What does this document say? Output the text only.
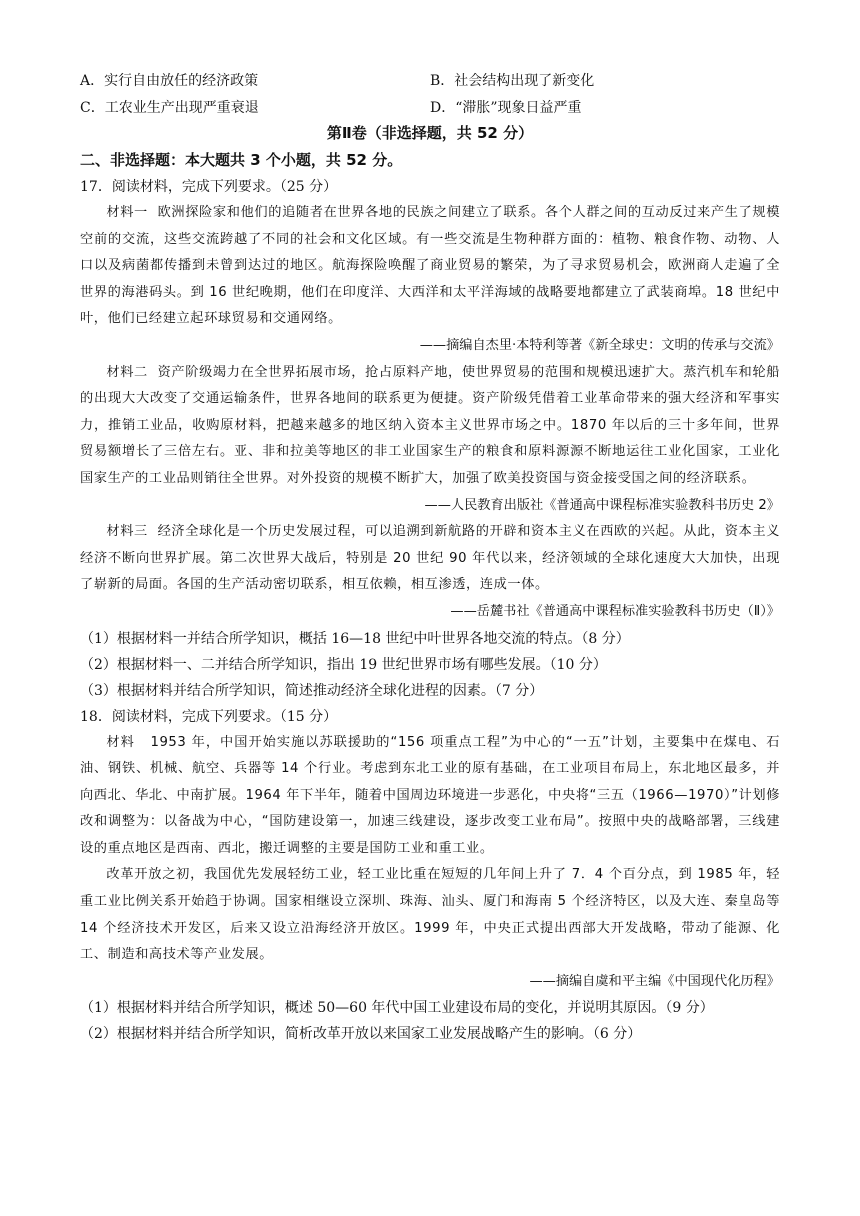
A．实行自由放任的经济政策	B．社会结构出现了新变化
C．工农业生产出现严重衰退	D．“滞胀”现象日益严重
第Ⅱ卷（非选择题，共 52 分）
二、非选择题：本大题共 3 个小题，共 52 分。

17．阅读材料，完成下列要求。（25 分）

材料一 欧洲探险家和他们的追随者在世界各地的民族之间建立了联系。各个人群之间的互动反过来产生了规模空前的交流，这些交流跨越了不同的社会和文化区域。有一些交流是生物种群方面的：植物、粮食作物、动物、人口以及病菌都传播到未曾到达过的地区。航海探险唤醒了商业贸易的繁荣，为了寻求贸易机会，欧洲商人走遍了全世界的海港码头。到 16 世纪晚期，他们在印度洋、大西洋和太平洋海域的战略要地都建立了武装商埠。18 世纪中叶，他们已经建立起环球贸易和交通网络。

——摘编自杰里·本特利等著《新全球史：文明的传承与交流》

材料二 资产阶级竭力在全世界拓展市场，抢占原料产地，使世界贸易的范围和规模迅速扩大。蒸汽机车和轮船的出现大大改变了交通运输条件，世界各地间的联系更为便捷。资产阶级凭借着工业革命带来的强大经济和军事实力，推销工业品，收购原材料，把越来越多的地区纳入资本主义世界市场之中。1870 年以后的三十多年间，世界贸易额增长了三倍左右。亚、非和拉美等地区的非工业国家生产的粮食和原料源源不断地运往工业化国家，工业化国家生产的工业品则销往全世界。对外投资的规模不断扩大，加强了欧美投资国与资金接受国之间的经济联系。

——人民教育出版社《普通高中课程标准实验教科书历史 2》

材料三 经济全球化是一个历史发展过程，可以追溯到新航路的开辟和资本主义在西欧的兴起。从此，资本主义经济不断向世界扩展。第二次世界大战后，特别是 20 世纪 90 年代以来，经济领域的全球化速度大大加快，出现了崭新的局面。各国的生产活动密切联系，相互依赖，相互渗透，连成一体。

——岳麓书社《普通高中课程标准实验教科书历史（Ⅱ）》

（1）根据材料一并结合所学知识，概括 16—18 世纪中叶世界各地交流的特点。（8 分）

（2）根据材料一、二并结合所学知识，指出 19 世纪世界市场有哪些发展。（10 分）

（3）根据材料并结合所学知识，简述推动经济全球化进程的因素。（7 分）

18．阅读材料，完成下列要求。（15 分）

材料 1953 年，中国开始实施以苏联援助的“156 项重点工程”为中心的“一五”计划，主要集中在煤电、石油、钢铁、机械、航空、兵器等 14 个行业。考虑到东北工业的原有基础，在工业项目布局上，东北地区最多，并向西北、华北、中南扩展。1964 年下半年，随着中国周边环境进一步恶化，中央将“三五（1966—1970）”计划修改和调整为：以备战为中心，“国防建设第一，加速三线建设，逐步改变工业布局”。按照中央的战略部署，三线建设的重点地区是西南、西北，搬迁调整的主要是国防工业和重工业。

改革开放之初，我国优先发展轻纺工业，轻工业比重在短短的几年间上升了 7．4 个百分点，到 1985 年，轻重工业比例关系开始趋于协调。国家相继设立深圳、珠海、汕头、厦门和海南 5 个经济特区，以及大连、秦皇岛等 14 个经济技术开发区，后来又设立沿海经济开放区。1999 年，中央正式提出西部大开发战略，带动了能源、化工、制造和高技术等产业发展。

——摘编自虞和平主编《中国现代化历程》

（1）根据材料并结合所学知识，概述 50—60 年代中国工业建设布局的变化，并说明其原因。（9 分）

（2）根据材料并结合所学知识，简析改革开放以来国家工业发展战略产生的影响。（6 分）
